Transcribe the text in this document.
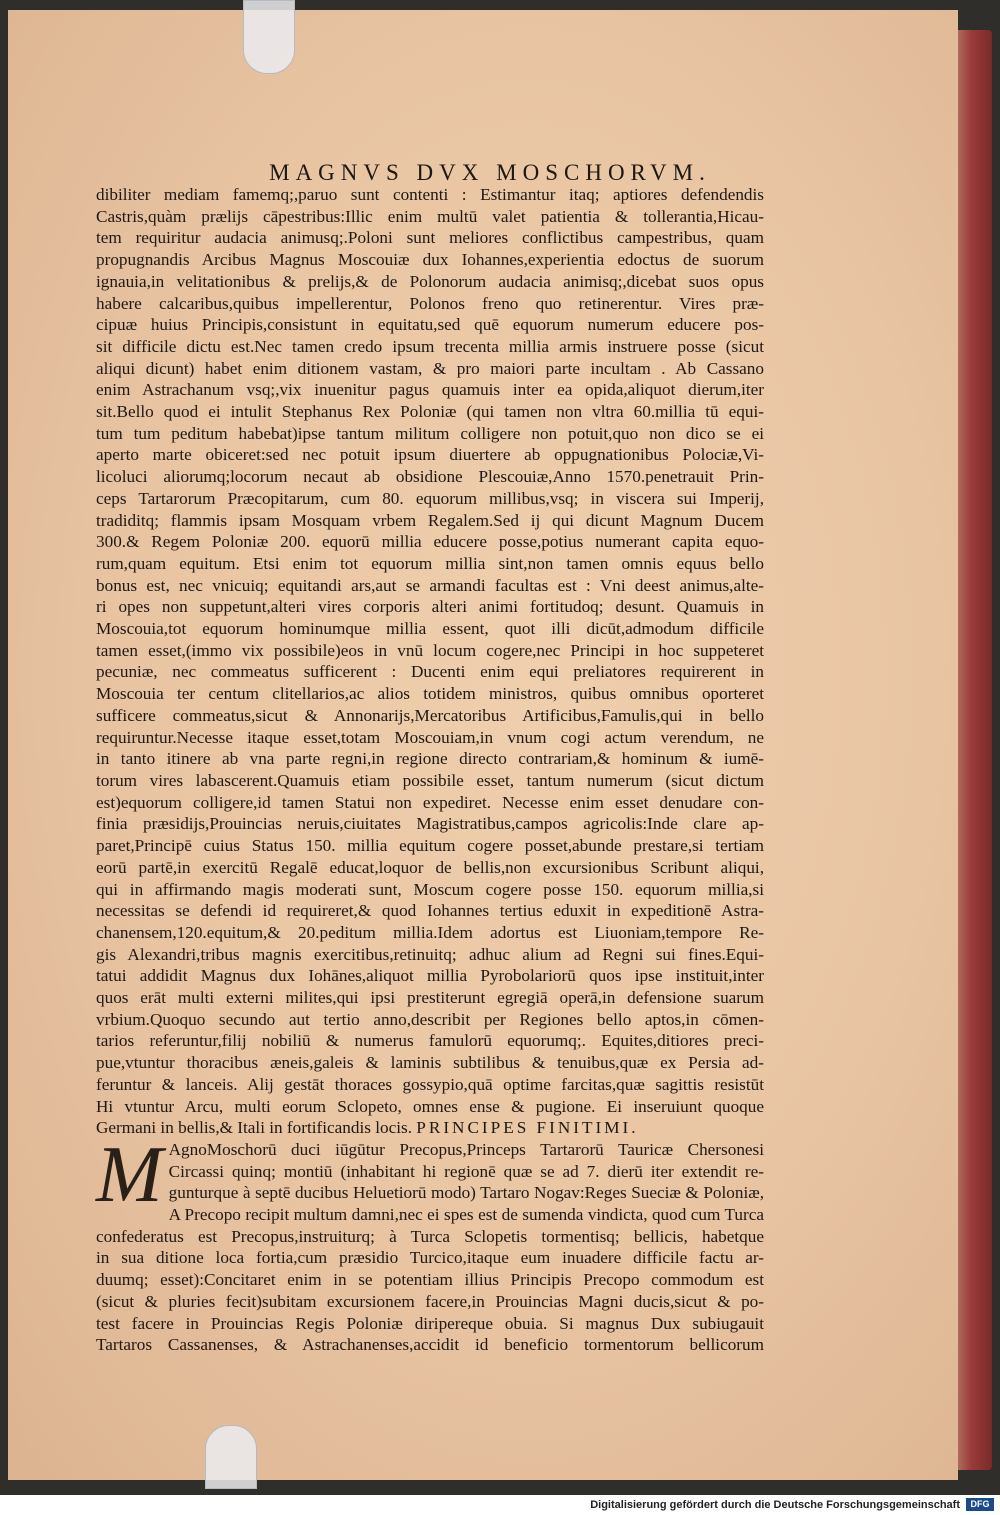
MAGNVS DVX MOSCHORVM.
dibiliter mediam famemq;,paruo sunt contenti : Estimantur itaq; aptiores defendendis
Castris,quàm prælijs cāpestribus:Illic enim multū valet patientia & tollerantia,Hicau-
tem requiritur audacia animusq;.Poloni sunt meliores conflictibus campestribus, quam
propugnandis Arcibus Magnus Moscouiæ dux Iohannes,experientia edoctus de suorum
ignauia,in velitationibus & prelijs,& de Polonorum audacia animisq;,dicebat suos opus
habere calcaribus,quibus impellerentur, Polonos freno quo retinerentur. Vires præ-
cipuæ huius Principis,consistunt in equitatu,sed quē equorum numerum educere pos-
sit difficile dictu est.Nec tamen credo ipsum trecenta millia armis instruere posse (sicut
aliqui dicunt) habet enim ditionem vastam, & pro maiori parte incultam . Ab Cassano
enim Astrachanum vsq;,vix inuenitur pagus quamuis inter ea opida,aliquot dierum,iter
sit.Bello quod ei intulit Stephanus Rex Poloniæ (qui tamen non vltra 60.millia tū equi-
tum tum peditum habebat)ipse tantum militum colligere non potuit,quo non dico se ei
aperto marte obiceret:sed nec potuit ipsum diuertere ab oppugnationibus Polociæ,Vi-
licoluci aliorumq;locorum necaut ab obsidione Plescouiæ,Anno 1570.penetrauit Prin-
ceps Tartarorum Præcopitarum, cum 80. equorum millibus,vsq; in viscera sui Imperij,
tradiditq; flammis ipsam Mosquam vrbem Regalem.Sed ij qui dicunt Magnum Ducem
300.& Regem Poloniæ 200. equorū millia educere posse,potius numerant capita equo-
rum,quam equitum. Etsi enim tot equorum millia sint,non tamen omnis equus bello
bonus est, nec vnicuiq; equitandi ars,aut se armandi facultas est : Vni deest animus,alte-
ri opes non suppetunt,alteri vires corporis alteri animi fortitudoq; desunt. Quamuis in
Moscouia,tot equorum hominumque millia essent, quot illi dicūt,admodum difficile
tamen esset,(immo vix possibile)eos in vnū locum cogere,nec Principi in hoc suppeteret
pecuniæ, nec commeatus sufficerent : Ducenti enim equi preliatores requirerent in
Moscouia ter centum clitellarios,ac alios totidem ministros, quibus omnibus oporteret
sufficere commeatus,sicut & Annonarijs,Mercatoribus Artificibus,Famulis,qui in bello
requiruntur.Necesse itaque esset,totam Moscouiam,in vnum cogi actum verendum, ne
in tanto itinere ab vna parte regni,in regione directo contrariam,& hominum & iumē-
torum vires labascerent.Quamuis etiam possibile esset, tantum numerum (sicut dictum
est)equorum colligere,id tamen Statui non expediret. Necesse enim esset denudare con-
finia præsidijs,Prouincias neruis,ciuitates Magistratibus,campos agricolis:Inde clare ap-
paret,Principē cuius Status 150. millia equitum cogere posset,abunde prestare,si tertiam
eorū partē,in exercitū Regalē educat,loquor de bellis,non excursionibus Scribunt aliqui,
qui in affirmando magis moderati sunt, Moscum cogere posse 150. equorum millia,si
necessitas se defendi id requireret,& quod Iohannes tertius eduxit in expeditionē Astra-
chanensem,120.equitum,& 20.peditum millia.Idem adortus est Liuoniam,tempore Re-
gis Alexandri,tribus magnis exercitibus,retinuitq; adhuc alium ad Regni sui fines.Equi-
tatui addidit Magnus dux Iohānes,aliquot millia Pyrobolariorū quos ipse instituit,inter
quos erāt multi externi milites,qui ipsi prestiterunt egregiā operā,in defensione suarum
vrbium.Quoquo secundo aut tertio anno,describit per Regiones bello aptos,in cōmen-
tarios referuntur,filij nobiliū & numerus famulorū equorumq;. Equites,ditiores preci-
pue,vtuntur thoracibus æneis,galeis & laminis subtilibus & tenuibus,quæ ex Persia ad-
feruntur & lanceis. Alij gestāt thoraces gossypio,quā optime farcitas,quæ sagittis resistūt
Hi vtuntur Arcu, multi eorum Sclopeto, omnes ense & pugione. Ei inseruiunt quoque
Germani in bellis,& Itali in fortificandis locis. PRINCIPES FINITIMI.
M AgnoMoschorū duci iūgūtur Precopus,Princeps Tartarorū Tauricæ Chersonesi
Circassi quinq; montiū (inhabitant hi regionē quæ se ad 7. dierū iter extendit re-
gunturque à septē ducibus Heluetiorū modo) Tartaro Nogav:Reges Sueciæ & Poloniæ,
A Precopo recipit multum damni,nec ei spes est de sumenda vindicta, quod cum Turca
confederatus est Precopus,instruiturq; à Turca Sclopetis tormentisq; bellicis, habetque
in sua ditione loca fortia,cum præsidio Turcico,itaque eum inuadere difficile factu ar-
duumq; esset):Concitaret enim in se potentiam illius Principis Precopo commodum est
(sicut & pluries fecit)subitam excursionem facere,in Prouincias Magni ducis,sicut & po-
test facere in Prouincias Regis Poloniæ diripereque obuia. Si magnus Dux subiugauit
Tartaros Cassanenses, & Astrachanenses,accidit id beneficio tormentorum bellicorum
Digitalisierung gefördert durch die Deutsche Forschungsgemeinschaft	DFG
